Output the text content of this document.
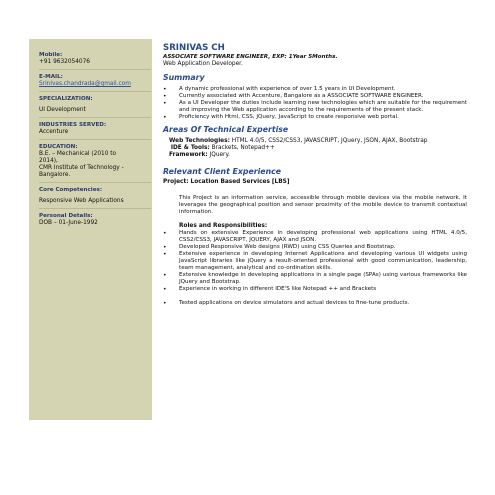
Mobile:
+91 9632054076
E-MAIL:
Srinivas.chandrada@gmail.com
SPECIALIZATION:
UI Development
INDUSTRIES SERVED:
Accenture
EDUCATION:
B.E. – Mechanical (2010 to
2014),
CMR Institute of Technology -
Bangalore.
Core Competencies:
Responsive Web Applications
Personal Details:
DOB – 01-June-1992
SRINIVAS CH
ASSOCIATE SOFTWARE ENGINEER, EXP: 1Year 5Months.
Web Application Developer.
Summary
• A dynamic professional with experience of over 1.5 years in UI Development.
• Currently associated with Accenture, Bangalore as a ASSOCIATE SOFTWARE ENGINEER.
• As a UI Developer the duties include learning new technologies which are suitable for the requirement and improving the Web application according to the requirements of the present stack.
• Proficiency with Html, CSS, JQuery, JavaScript to create responsive web portal.
Areas Of Technical Expertise
Web Technologies: HTML 4.0/5, CSS2/CSS3, JAVASCRIPT, JQuery, JSON, AJAX, Bootstrap
IDE & Tools: Brackets, Notepad++
Framework: JQuery.
Relevant Client Experience
Project: Location Based Services [LBS]
This Project is an information service, accessible through mobile devices via the mobile network. It leverages the geographical position and sensor proximity of the mobile device to transmit contextual information.
Roles and Responsibilities:
• Hands on extensive Experience in developing professional web applications using HTML 4.0/5, CSS2/CSS3, JAVASCRIPT, JQUERY, AJAX and JSON.
• Developed Responsive Web designs (RWD) using CSS Queries and Bootstrap.
• Extensive experience in developing Internet Applications and developing various UI widgets using JavaScript libraries like jQuery a result-oriented professional with good communication, leadership, team management, analytical and co-ordination skills.
• Extensive knowledge in developing applications in a single page (SPAs) using various frameworks like JQuery and Bootstrap.
• Experience in working in different IDE'S like Notepad ++ and Brackets
• Tested applications on device simulators and actual devices to fine-tune products.
